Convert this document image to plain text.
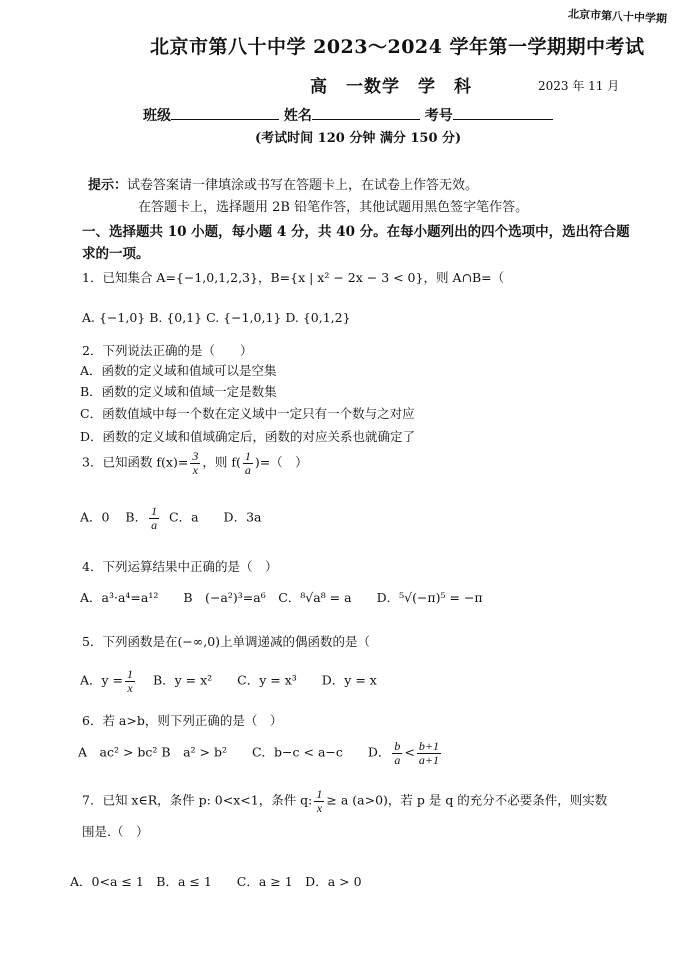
北京市第八十中学期
北京市第八十中学 2023～2024 学年第一学期期中考试
高　一数学　学　科	2023 年 11 月
班级	姓名	考号
(考试时间 120 分钟 满分 150 分)
提示：试卷答案请一律填涂或书写在答题卡上，在试卷上作答无效。
在答题卡上，选择题用 2B 铅笔作答，其他试题用黑色签字笔作答。
一、选择题共 10 小题，每小题 4 分，共 40 分。在每小题列出的四个选项中，选出符合题
求的一项。
1．已知集合 A={−1,0,1,2,3}，B={x | x² − 2x − 3 < 0}，则 A∩B=（
A. {−1,0} B. {0,1} C. {−1,0,1} D. {0,1,2}
2．下列说法正确的是（　　）
A．函数的定义域和值域可以是空集
B．函数的定义域和值域一定是数集
C．函数值域中每一个数在定义域中一定只有一个数与之对应
D．函数的定义域和值域确定后，函数的对应关系也就确定了
3．已知函数 $f(x)= \frac{3}{x}$ ，则 $f( \frac{1}{a}$ )=（　）
A．0 B． $\frac{1}{a}$ C．a　　D．3a
4．下列运算结果中正确的是（　）
A．a³·a⁴=a¹²　　B　(−a²)³=a⁶　C．⁸√a⁸ = a　　D．⁵√(−π)⁵ = −π
5．下列函数是在(−∞,0)上单调递减的偶函数的是（
A．$y = \frac{1}{x}$ B．y = x²　　C．y = x³　　D．y = x
6．若 a>b，则下列正确的是（　）
A　ac² > bc² B　a² > b²　　C．b−c < a−c　　D． $\frac{b}{a} < \frac{b+1}{a+1}$
7．已知 x∈R，条件 p: 0<x<1，条件 q: $\frac{1}{x} \ge a$ (a>0)，若 p 是 q 的充分不必要条件，则实数
围是.（　）
A．0<a ≤ 1　B．a ≤ 1　　C．a ≥ 1　D．a > 0
